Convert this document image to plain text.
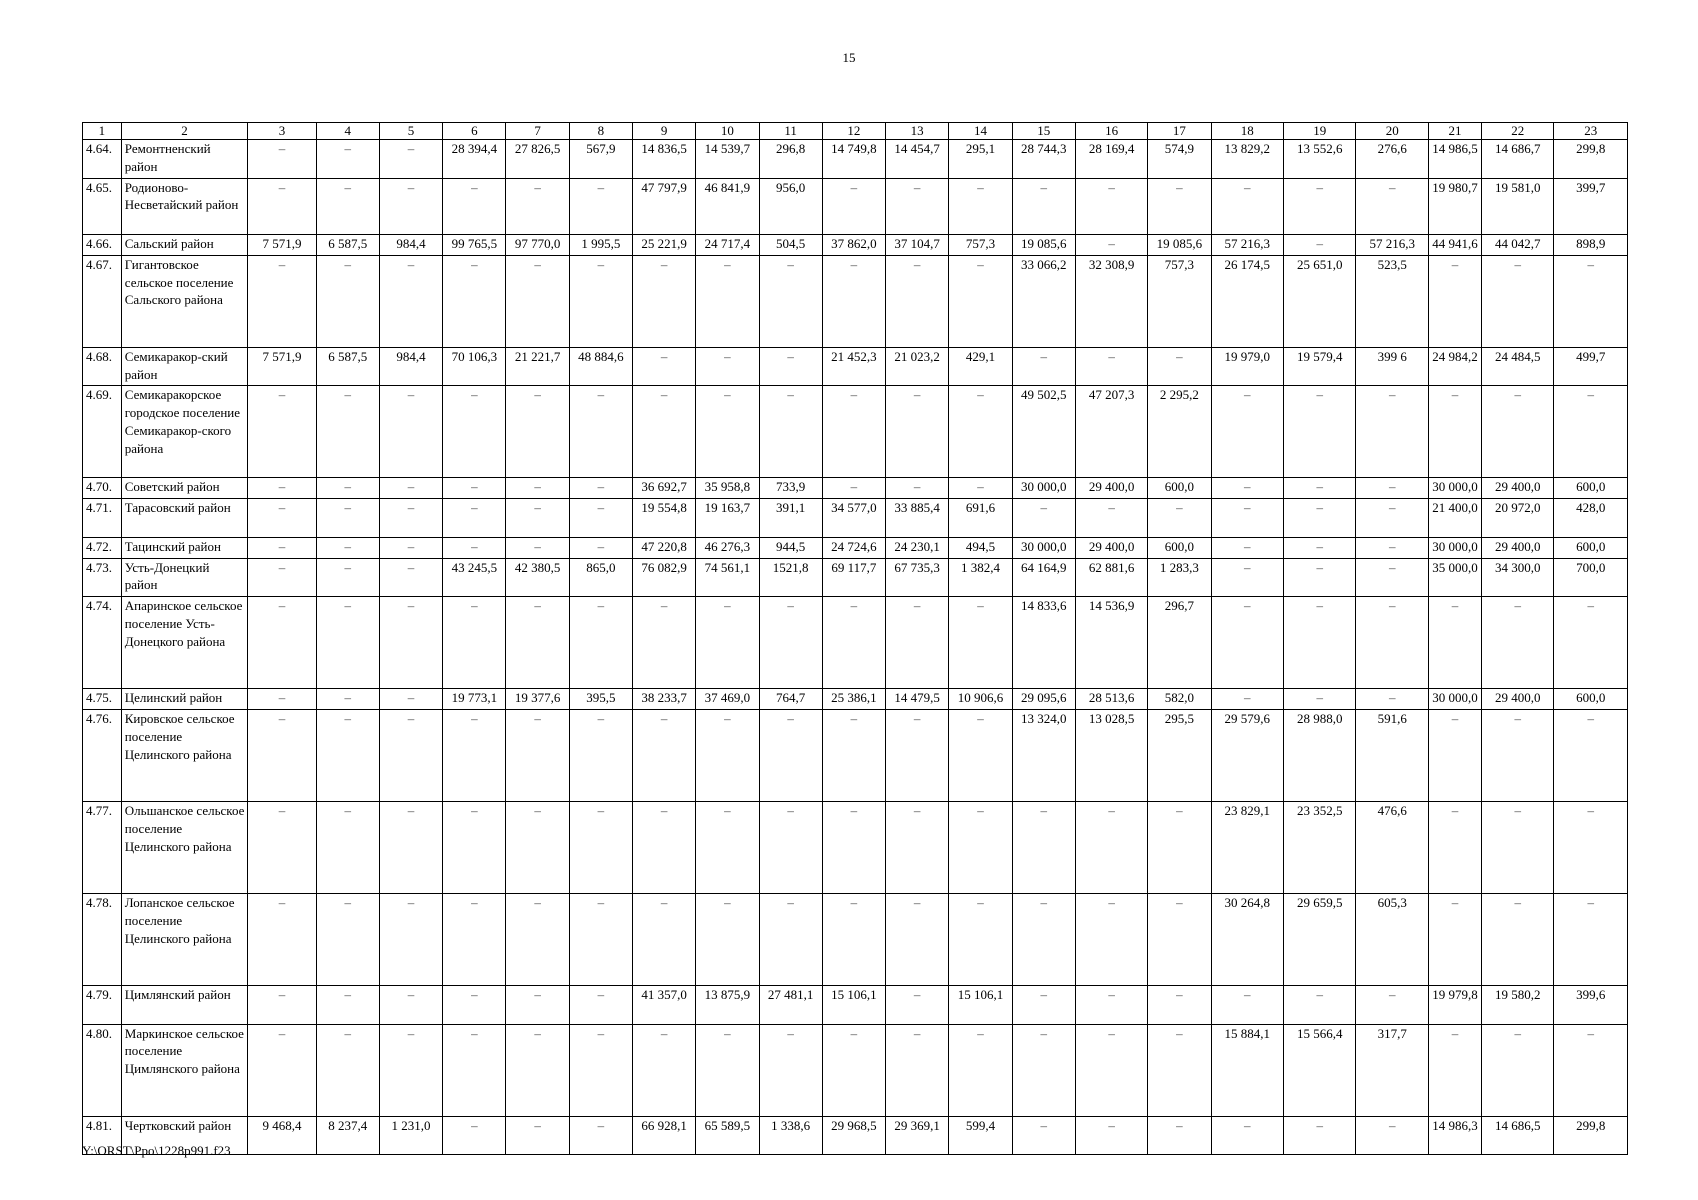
15
1	2	3	4	5	6	7	8	9	10	11	12	13	14	15	16	17	18	19	20	21	22	23
4.64.	Ремонтненский район	–	–	–	28 394,4	27 826,5	567,9	14 836,5	14 539,7	296,8	14 749,8	14 454,7	295,1	28 744,3	28 169,4	574,9	13 829,2	13 552,6	276,6	14 986,5	14 686,7	299,8
4.65.	Родионово-Несветайский район	–	–	–	–	–	–	47 797,9	46 841,9	956,0	–	–	–	–	–	–	–	–	–	19 980,7	19 581,0	399,7
4.66.	Сальский район	7 571,9	6 587,5	984,4	99 765,5	97 770,0	1 995,5	25 221,9	24 717,4	504,5	37 862,0	37 104,7	757,3	19 085,6	–	19 085,6	57 216,3	–	57 216,3	44 941,6	44 042,7	898,9
4.67.	Гигантовское сельское поселение Сальского района	–	–	–	–	–	–	–	–	–	–	–	–	33 066,2	32 308,9	757,3	26 174,5	25 651,0	523,5	–	–	–
4.68.	Семикаракор-ский район	7 571,9	6 587,5	984,4	70 106,3	21 221,7	48 884,6	–	–	–	21 452,3	21 023,2	429,1	–	–	–	19 979,0	19 579,4	399 6	24 984,2	24 484,5	499,7
4.69.	Семикаракорское городское поселение Семикаракор-ского района	–	–	–	–	–	–	–	–	–	–	–	–	49 502,5	47 207,3	2 295,2	–	–	–	–	–	–
4.70.	Советский район	–	–	–	–	–	–	36 692,7	35 958,8	733,9	–	–	–	30 000,0	29 400,0	600,0	–	–	–	30 000,0	29 400,0	600,0
4.71.	Тарасовский район	–	–	–	–	–	–	19 554,8	19 163,7	391,1	34 577,0	33 885,4	691,6	–	–	–	–	–	–	21 400,0	20 972,0	428,0
4.72.	Тацинский район	–	–	–	–	–	–	47 220,8	46 276,3	944,5	24 724,6	24 230,1	494,5	30 000,0	29 400,0	600,0	–	–	–	30 000,0	29 400,0	600,0
4.73.	Усть-Донецкий район	–	–	–	43 245,5	42 380,5	865,0	76 082,9	74 561,1	1521,8	69 117,7	67 735,3	1 382,4	64 164,9	62 881,6	1 283,3	–	–	–	35 000,0	34 300,0	700,0
4.74.	Апаринское сельское поселение Усть-Донецкого района	–	–	–	–	–	–	–	–	–	–	–	–	14 833,6	14 536,9	296,7	–	–	–	–	–	–
4.75.	Целинский район	–	–	–	19 773,1	19 377,6	395,5	38 233,7	37 469,0	764,7	25 386,1	14 479,5	10 906,6	29 095,6	28 513,6	582,0	–	–	–	30 000,0	29 400,0	600,0
4.76.	Кировское сельское поселение Целинского района	–	–	–	–	–	–	–	–	–	–	–	–	13 324,0	13 028,5	295,5	29 579,6	28 988,0	591,6	–	–	–
4.77.	Ольшанское сельское поселение Целинского района	–	–	–	–	–	–	–	–	–	–	–	–	–	–	–	23 829,1	23 352,5	476,6	–	–	–
4.78.	Лопанское сельское поселение Целинского района	–	–	–	–	–	–	–	–	–	–	–	–	–	–	–	30 264,8	29 659,5	605,3	–	–	–
4.79.	Цимлянский район	–	–	–	–	–	–	41 357,0	13 875,9	27 481,1	15 106,1	–	15 106,1	–	–	–	–	–	–	19 979,8	19 580,2	399,6
4.80.	Маркинское сельское поселение Цимлянского района	–	–	–	–	–	–	–	–	–	–	–	–	–	–	–	15 884,1	15 566,4	317,7	–	–	–
4.81.	Чертковский район	9 468,4	8 237,4	1 231,0	–	–	–	66 928,1	65 589,5	1 338,6	29 968,5	29 369,1	599,4	–	–	–	–	–	–	14 986,3	14 686,5	299,8
Y:\ORST\Ppo\1228p991.f23
